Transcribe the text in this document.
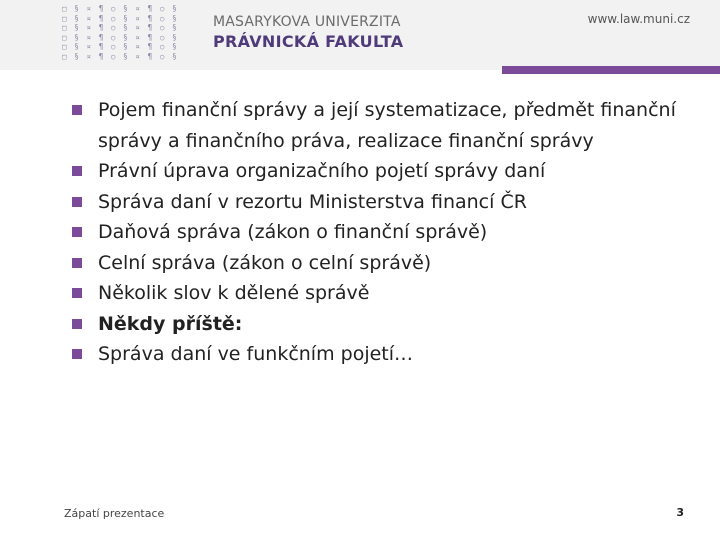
□ § ¤ ¶ ○ § ¤ ¶ ○ §
□ § ¤ ¶ ○ § ¤ ¶ ○ §
□ § ¤ ¶ ○ § ¤ ¶ ○ §
□ § ¤ ¶ ○ § ¤ ¶ ○ §
□ § ¤ ¶ ○ § ¤ ¶ ○ §
□ § ¤ ¶ ○ § ¤ ¶ ○ §
MASARYKOVA UNIVERZITA
PRÁVNICKÁ FAKULTA
www.law.muni.cz
Pojem finanční správy a její systematizace, předmět finanční správy a finančního práva, realizace finanční správy
Právní úprava organizačního pojetí správy daní
Správa daní v rezortu Ministerstva financí ČR
Daňová správa (zákon o finanční správě)
Celní správa (zákon o celní správě)
Několik slov k dělené správě
Někdy příště:
Správa daní ve funkčním pojetí…
Zápatí prezentace	3
